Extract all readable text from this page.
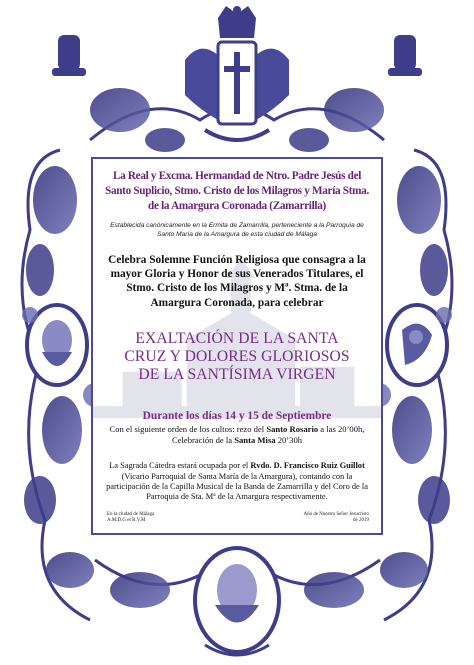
La Real y Excma. Hermandad de Ntro. Padre Jesús del Santo Suplicio, Stmo. Cristo de los Milagros y María Stma. de la Amargura Coronada (Zamarrilla)

Establecida canónicamente en la Ermita de Zamarrilla, perteneciente a la Parroquia de Santo María de la Amargura de esta ciudad de Málaga

Celebra Solemne Función Religiosa que consagra a la mayor Gloria y Honor de sus Venerados Titulares, el Stmo. Cristo de los Milagros y Mª. Stma. de la Amargura Coronada, para celebrar

EXALTACIÓN DE LA SANTA
CRUZ Y DOLORES GLORIOSOS
DE LA SANTÍSIMA VIRGEN

Durante los días 14 y 15 de Septiembre

Con el siguiente orden de los cultos: rezo del Santo Rosario a las 20’00h, Celebración de la Santa Misa 20’30h

La Sagrada Cátedra estará ocupada por el Rvdo. D. Francisco Ruiz Guillot (Vicario Parroquial de Santa María de la Amargura), contando con la participación de la Capilla Musical de la Banda de Zamarrilla y del Coro de la Parroquia de Sta. Mª de la Amargura respectivamente.

En la ciudad de Málaga
A.M.D.G et B.V.M
Año de Nuestro Señor Jesucristo
de 2019
